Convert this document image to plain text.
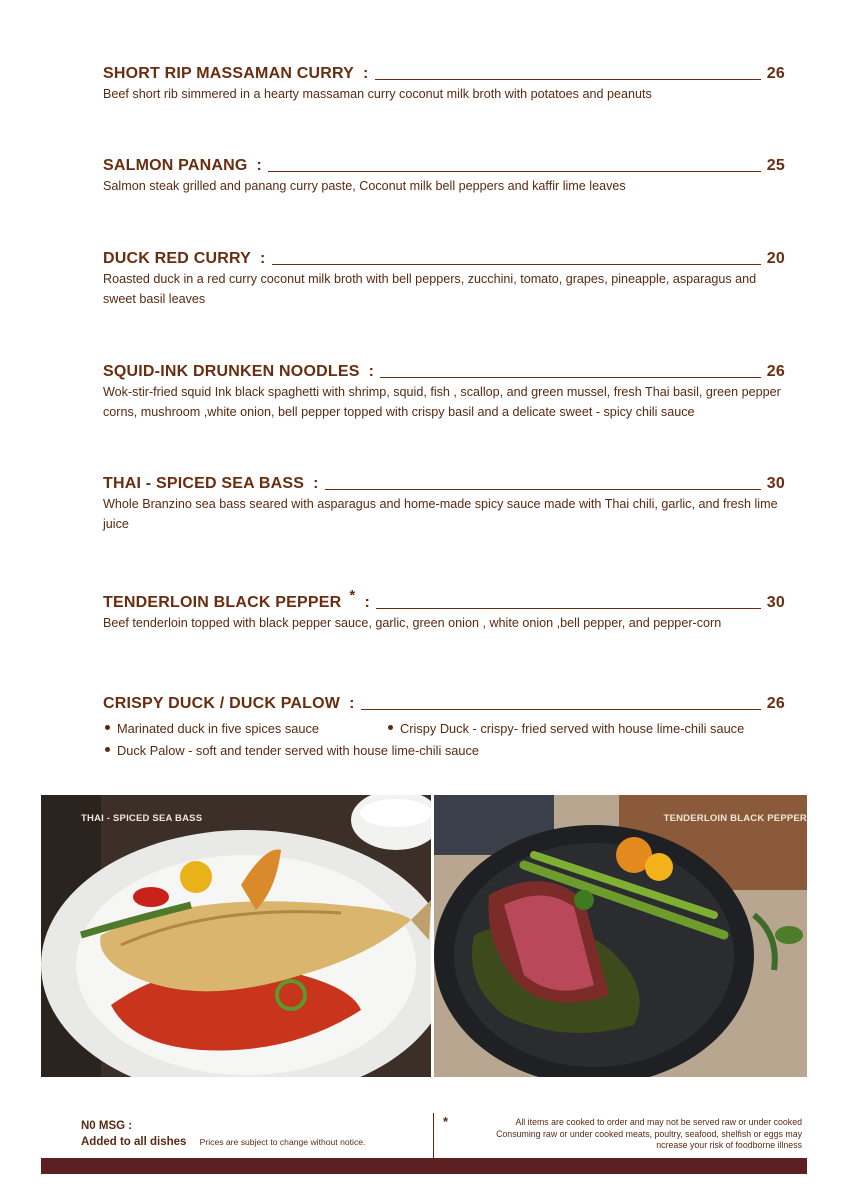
SHORT RIP MASSAMAN CURRY :	26
Beef short rib simmered in a hearty massaman curry coconut milk broth with potatoes and peanuts
SALMON PANANG :	25
Salmon steak grilled and panang curry paste, Coconut milk bell peppers and kaffir lime leaves
DUCK RED CURRY :	20
Roasted duck in a red curry coconut milk broth with bell peppers, zucchini, tomato, grapes, pineapple, asparagus and sweet basil leaves
SQUID-INK DRUNKEN NOODLES :	26
Wok-stir-fried squid Ink black spaghetti with shrimp, squid, fish , scallop, and green mussel, fresh Thai basil, green pepper corns, mushroom ,white onion, bell pepper topped with crispy basil and a delicate sweet - spicy chili sauce
THAI - SPICED SEA BASS :	30
Whole Branzino sea bass seared with asparagus and home-made spicy sauce made with Thai chili, garlic, and fresh lime juice
TENDERLOIN BLACK PEPPER * :	30
Beef tenderloin topped with black pepper sauce, garlic, green onion , white onion ,bell pepper, and pepper-corn
CRISPY DUCK / DUCK PALOW :	26
Marinated duck in five spices sauce	Crispy Duck - crispy- fried served with house lime-chili sauce
Duck Palow - soft and tender served with house lime-chili sauce
THAI - SPICED SEA BASS	TENDERLOIN BLACK PEPPER
N0 MSG :
Added to all dishes Prices are subject to change without notice.
*	All items are cooked to order and may not be served raw or under cooked
Consuming raw or under cooked meats, poultry, seafood, shelfish or eggs may
ncrease your risk of foodborne illness
